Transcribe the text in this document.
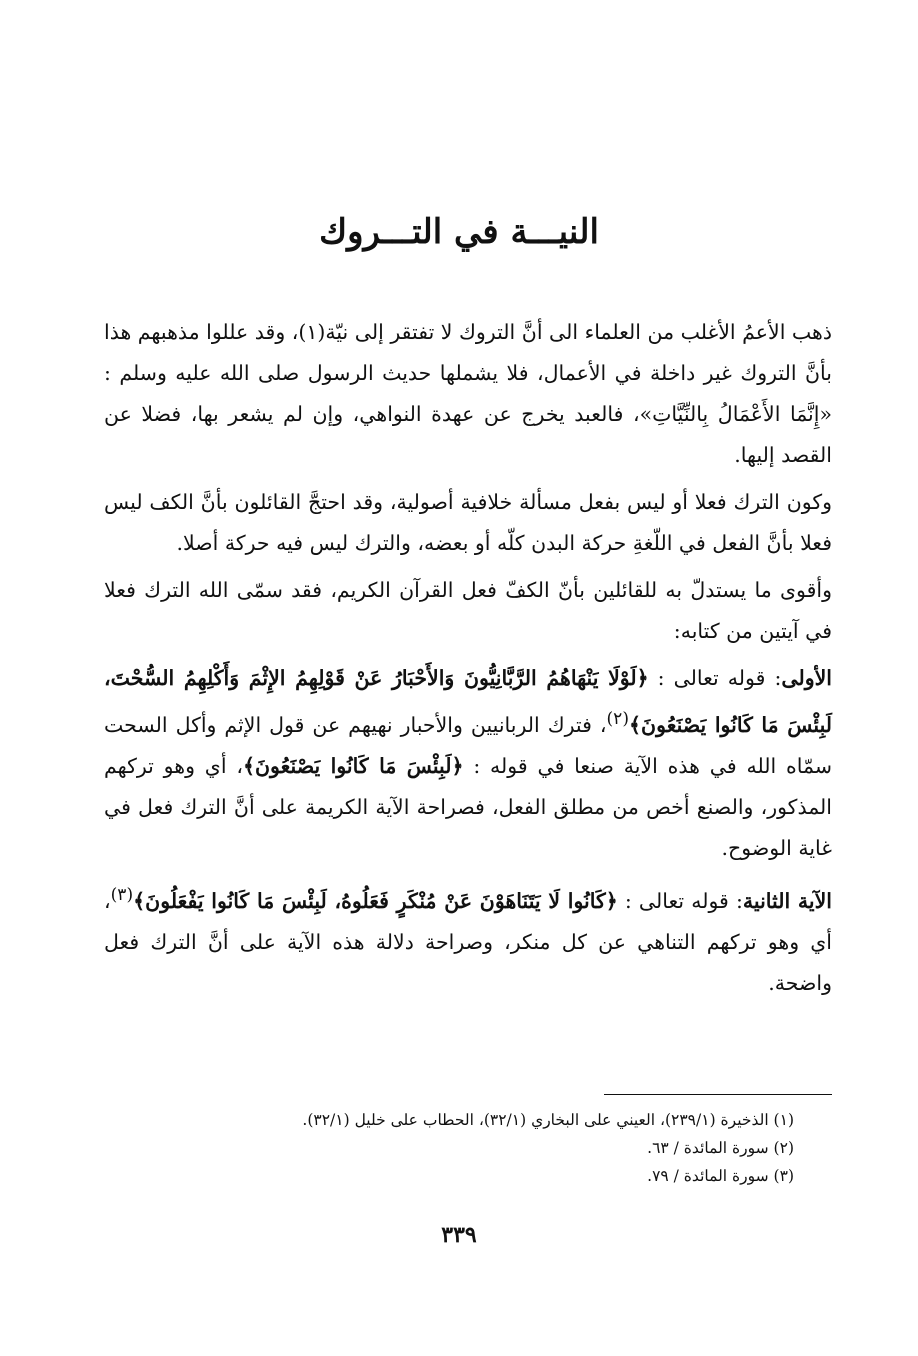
النيـــة في التـــروك

ذهب الأعمُ الأغلب من العلماء الى أنَّ التروك لا تفتقر إلى نيّة(١)، وقد عللوا مذهبهم هذا بأنَّ التروك غير داخلة في الأعمال، فلا يشملها حديث الرسول صلى الله عليه وسلم : «إِنَّمَا الأَعْمَالُ بِالنِّيَّاتِ»، فالعبد يخرج عن عهدة النواهي، وإن لم يشعر بها، فضلا عن القصد إليها.

وكون الترك فعلا أو ليس بفعل مسألة خلافية أصولية، وقد احتجَّ القائلون بأنَّ الكف ليس فعلا بأنَّ الفعل في اللّغةِ حركة البدن كلّه أو بعضه، والترك ليس فيه حركة أصلا.

وأقوى ما يستدلّ به للقائلين بأنّ الكفّ فعل القرآن الكريم، فقد سمّى الله الترك فعلا في آيتين من كتابه:

الأولى: قوله تعالى : ﴿لَوْلَا يَنْهَاهُمُ الرَّبَّانِيُّونَ وَالأَحْبَارُ عَنْ قَوْلِهِمُ الإِثْمَ وَأَكْلِهِمُ السُّحْتَ، لَبِئْسَ مَا كَانُوا يَصْنَعُونَ﴾$^{(٢)}$، فترك الربانيين والأحبار نهيهم عن قول الإثم وأكل السحت سمّاه الله في هذه الآية صنعا في قوله : ﴿لَبِئْسَ مَا كَانُوا يَصْنَعُونَ﴾، أي وهو تركهم المذكور، والصنع أخص من مطلق الفعل، فصراحة الآية الكريمة على أنَّ الترك فعل في غاية الوضوح.

الآية الثانية: قوله تعالى : ﴿كَانُوا لَا يَتَنَاهَوْنَ عَنْ مُنْكَرٍ فَعَلُوهُ، لَبِئْسَ مَا كَانُوا يَفْعَلُونَ﴾$^{(٣)}$، أي وهو تركهم التناهي عن كل منكر، وصراحة دلالة هذه الآية على أنَّ الترك فعل واضحة.

(١) الذخيرة (٢٣٩/١)، العيني على البخاري (٣٢/١)، الحطاب على خليل (٣٢/١).
(٢) سورة المائدة / ٦٣.
(٣) سورة المائدة / ٧٩.
٣٣٩
